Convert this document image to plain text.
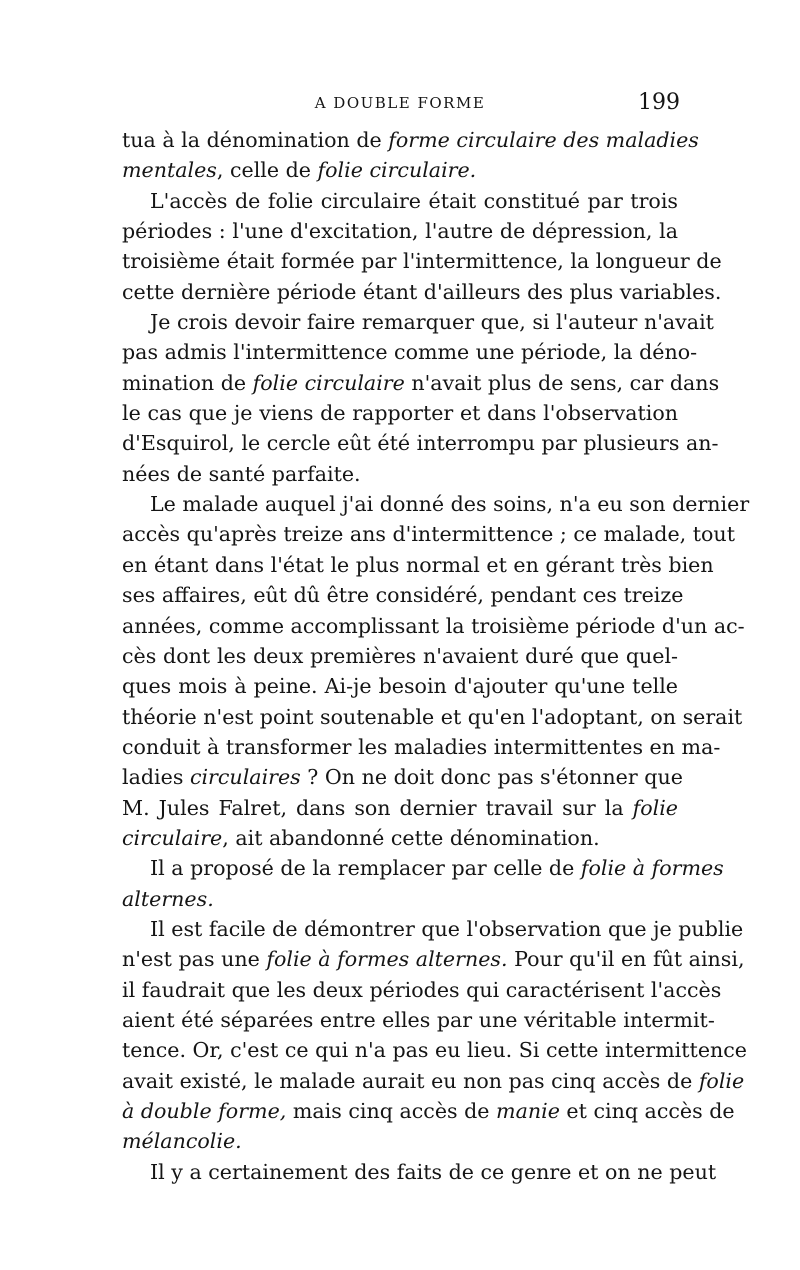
A DOUBLE FORME	199
tua à la dénomination de forme circulaire des maladies
mentales, celle de folie circulaire.
L'accès de folie circulaire était constitué par trois
périodes : l'une d'excitation, l'autre de dépression, la
troisième était formée par l'intermittence, la longueur de
cette dernière période étant d'ailleurs des plus variables.
Je crois devoir faire remarquer que, si l'auteur n'avait
pas admis l'intermittence comme une période, la déno-
mination de folie circulaire n'avait plus de sens, car dans
le cas que je viens de rapporter et dans l'observation
d'Esquirol, le cercle eût été interrompu par plusieurs an-
nées de santé parfaite.
Le malade auquel j'ai donné des soins, n'a eu son dernier
accès qu'après treize ans d'intermittence ; ce malade, tout
en étant dans l'état le plus normal et en gérant très bien
ses affaires, eût dû être considéré, pendant ces treize
années, comme accomplissant la troisième période d'un ac-
cès dont les deux premières n'avaient duré que quel-
ques mois à peine. Ai-je besoin d'ajouter qu'une telle
théorie n'est point soutenable et qu'en l'adoptant, on serait
conduit à transformer les maladies intermittentes en ma-
ladies circulaires ? On ne doit donc pas s'étonner que
M. Jules Falret, dans son dernier travail sur la folie
circulaire, ait abandonné cette dénomination.
Il a proposé de la remplacer par celle de folie à formes
alternes.
Il est facile de démontrer que l'observation que je publie
n'est pas une folie à formes alternes. Pour qu'il en fût ainsi,
il faudrait que les deux périodes qui caractérisent l'accès
aient été séparées entre elles par une véritable intermit-
tence. Or, c'est ce qui n'a pas eu lieu. Si cette intermittence
avait existé, le malade aurait eu non pas cinq accès de folie
à double forme, mais cinq accès de manie et cinq accès de
mélancolie.
Il y a certainement des faits de ce genre et on ne peut
